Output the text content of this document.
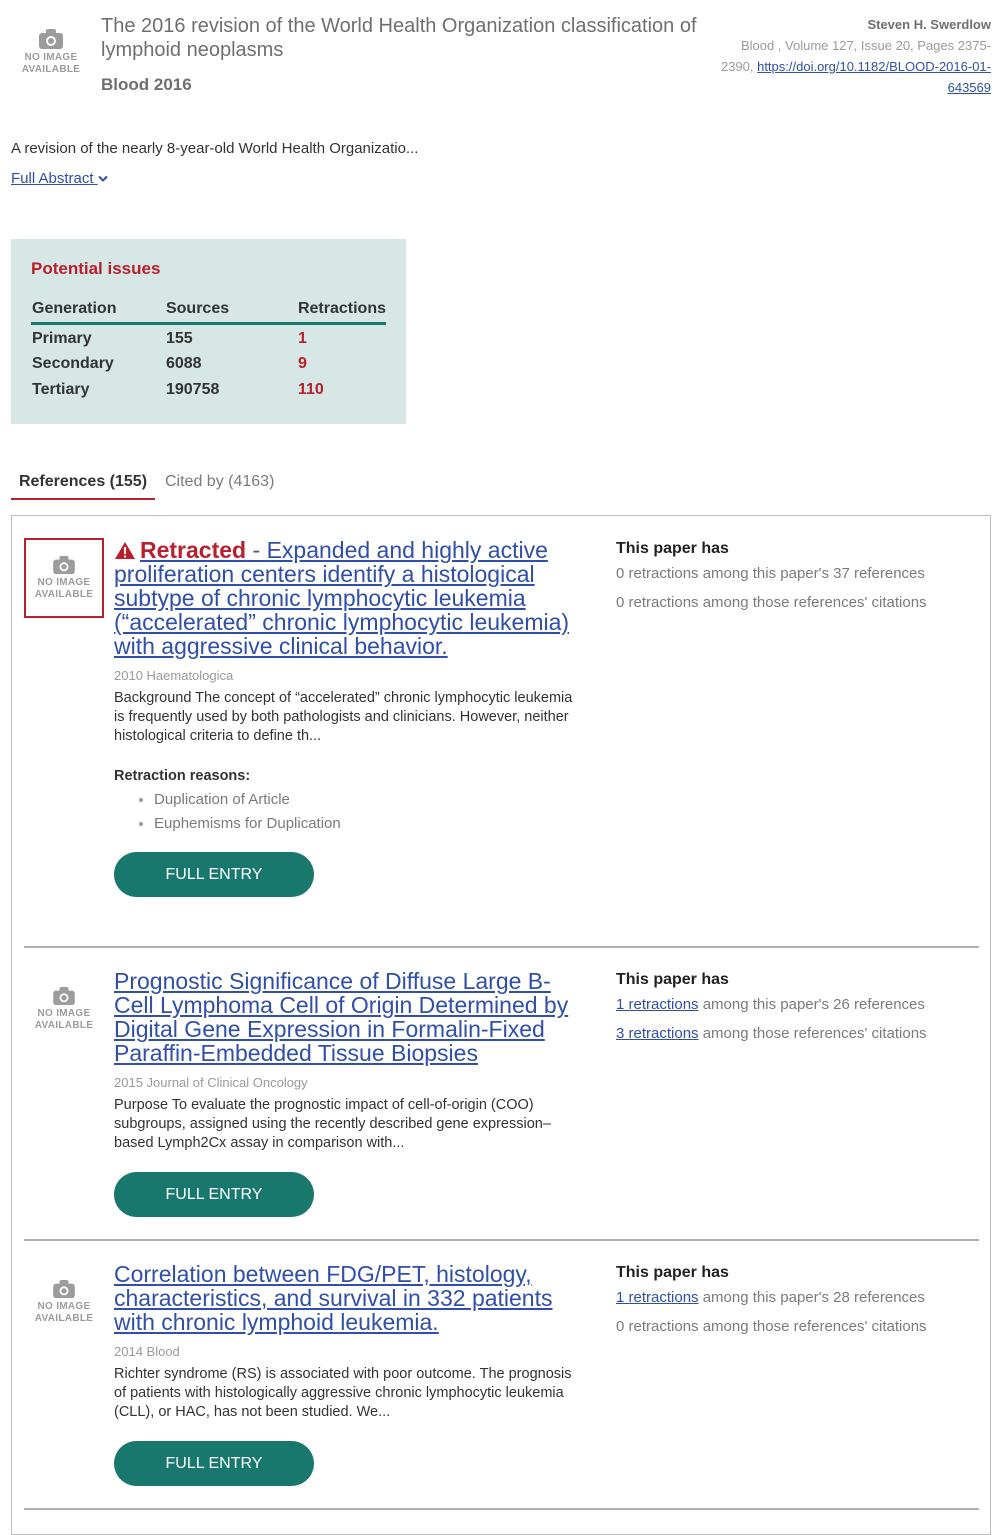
NO IMAGE
AVAILABLE
The 2016 revision of the World Health Organization classification of lymphoid neoplasms
Blood 2016
Steven H. Swerdlow
Blood , Volume 127, Issue 20, Pages 2375-2390, https://doi.org/10.1182/BLOOD-2016-01-643569
A revision of the nearly 8-year-old World Health Organizatio...
Full Abstract
Potential issues
Generation	Sources	Retractions
Primary	155	1
Secondary	6088	9
Tertiary	190758	110
References (155)	Cited by (4163)
NO IMAGE
AVAILABLE
Retracted - Expanded and highly active proliferation centers identify a histological subtype of chronic lymphocytic leukemia (“accelerated” chronic lymphocytic leukemia) with aggressive clinical behavior.
2010 Haematologica
Background The concept of “accelerated” chronic lymphocytic leukemia is frequently used by both pathologists and clinicians. However, neither histological criteria to define th...
Retraction reasons:
• Duplication of Article
• Euphemisms for Duplication
FULL ENTRY
This paper has
0 retractions among this paper's 37 references
0 retractions among those references' citations
NO IMAGE
AVAILABLE
Prognostic Significance of Diffuse Large B-Cell Lymphoma Cell of Origin Determined by Digital Gene Expression in Formalin-Fixed Paraffin-Embedded Tissue Biopsies
2015 Journal of Clinical Oncology
Purpose To evaluate the prognostic impact of cell-of-origin (COO) subgroups, assigned using the recently described gene expression–based Lymph2Cx assay in comparison with...
FULL ENTRY
This paper has
1 retractions among this paper's 26 references
3 retractions among those references' citations
NO IMAGE
AVAILABLE
Correlation between FDG/PET, histology, characteristics, and survival in 332 patients with chronic lymphoid leukemia.
2014 Blood
Richter syndrome (RS) is associated with poor outcome. The prognosis of patients with histologically aggressive chronic lymphocytic leukemia (CLL), or HAC, has not been studied. We...
FULL ENTRY
This paper has
1 retractions among this paper's 28 references
0 retractions among those references' citations
